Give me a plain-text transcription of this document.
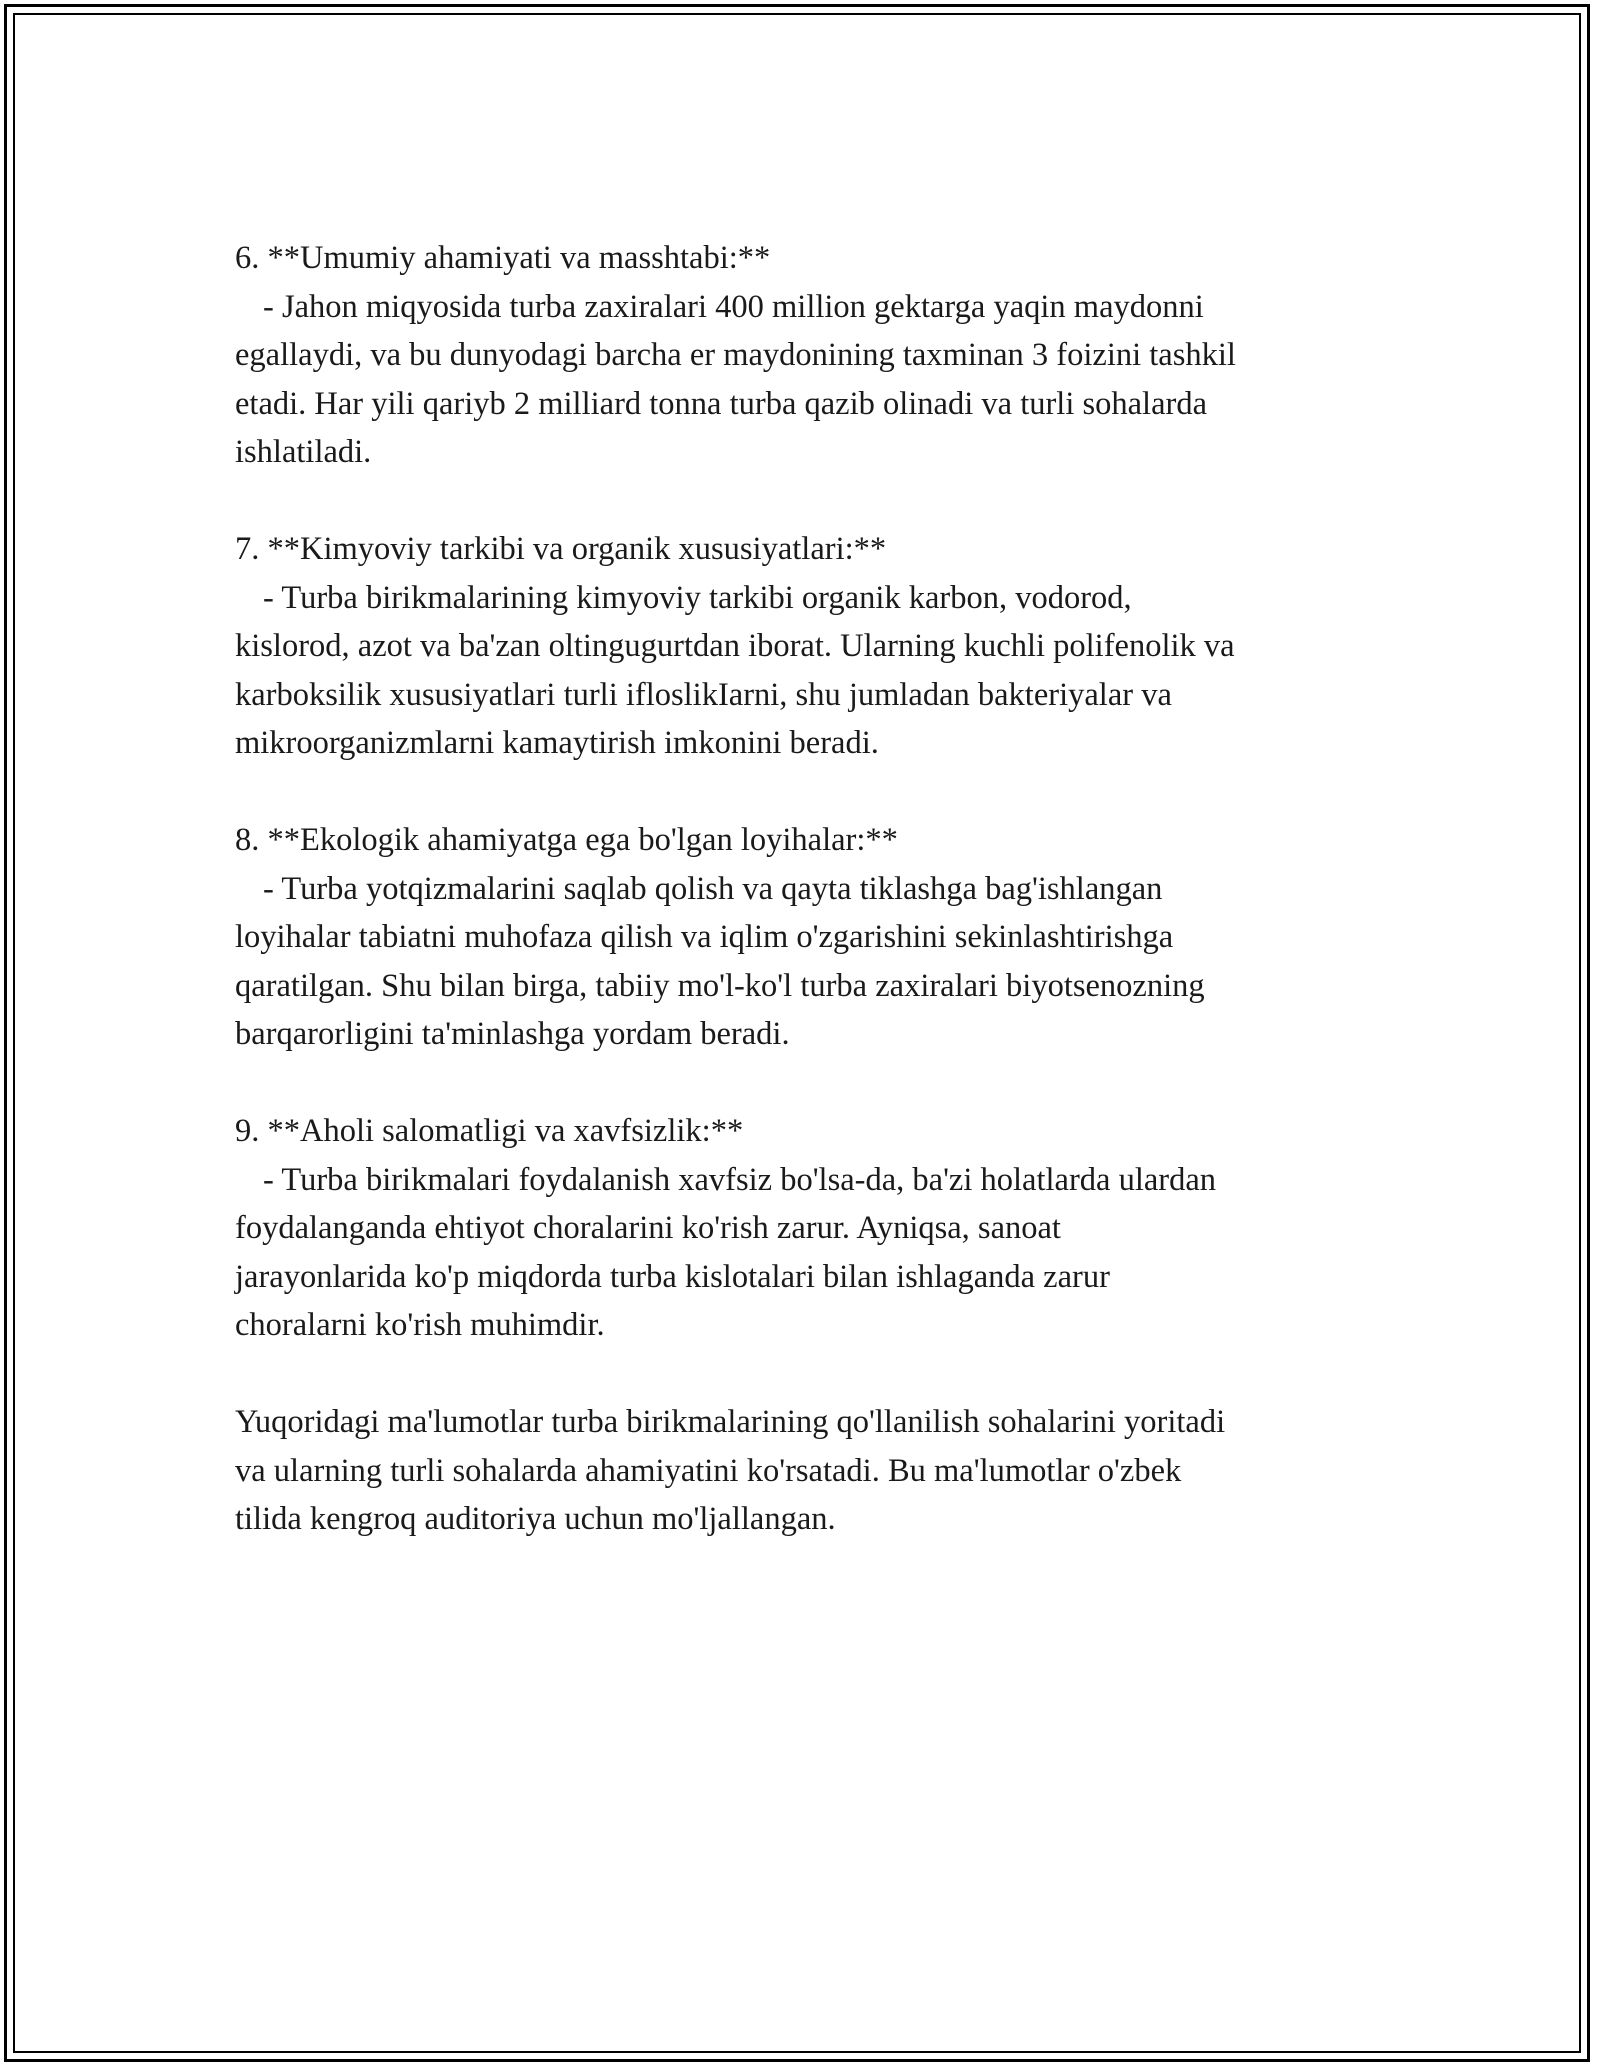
6. **Umumiy ahamiyati va masshtabi:**
- Jahon miqyosida turba zaxiralari 400 million gektarga yaqin maydonni
egallaydi, va bu dunyodagi barcha er maydonining taxminan 3 foizini tashkil
etadi. Har yili qariyb 2 milliard tonna turba qazib olinadi va turli sohalarda
ishlatiladi.
7. **Kimyoviy tarkibi va organik xususiyatlari:**
- Turba birikmalarining kimyoviy tarkibi organik karbon, vodorod,
kislorod, azot va ba'zan oltingugurtdan iborat. Ularning kuchli polifenolik va
karboksilik xususiyatlari turli ifloslikIarni, shu jumladan bakteriyalar va
mikroorganizmlarni kamaytirish imkonini beradi.
8. **Ekologik ahamiyatga ega bo'lgan loyihalar:**
- Turba yotqizmalarini saqlab qolish va qayta tiklashga bag'ishlangan
loyihalar tabiatni muhofaza qilish va iqlim o'zgarishini sekinlashtirishga
qaratilgan. Shu bilan birga, tabiiy mo'l-ko'l turba zaxiralari biyotsenozning
barqarorligini ta'minlashga yordam beradi.
9. **Aholi salomatligi va xavfsizlik:**
- Turba birikmalari foydalanish xavfsiz bo'lsa-da, ba'zi holatlarda ulardan
foydalanganda ehtiyot choralarini ko'rish zarur. Ayniqsa, sanoat
jarayonlarida ko'p miqdorda turba kislotalari bilan ishlaganda zarur
choralarni ko'rish muhimdir.
Yuqoridagi ma'lumotlar turba birikmalarining qo'llanilish sohalarini yoritadi
va ularning turli sohalarda ahamiyatini ko'rsatadi. Bu ma'lumotlar o'zbek
tilida kengroq auditoriya uchun mo'ljallangan.
